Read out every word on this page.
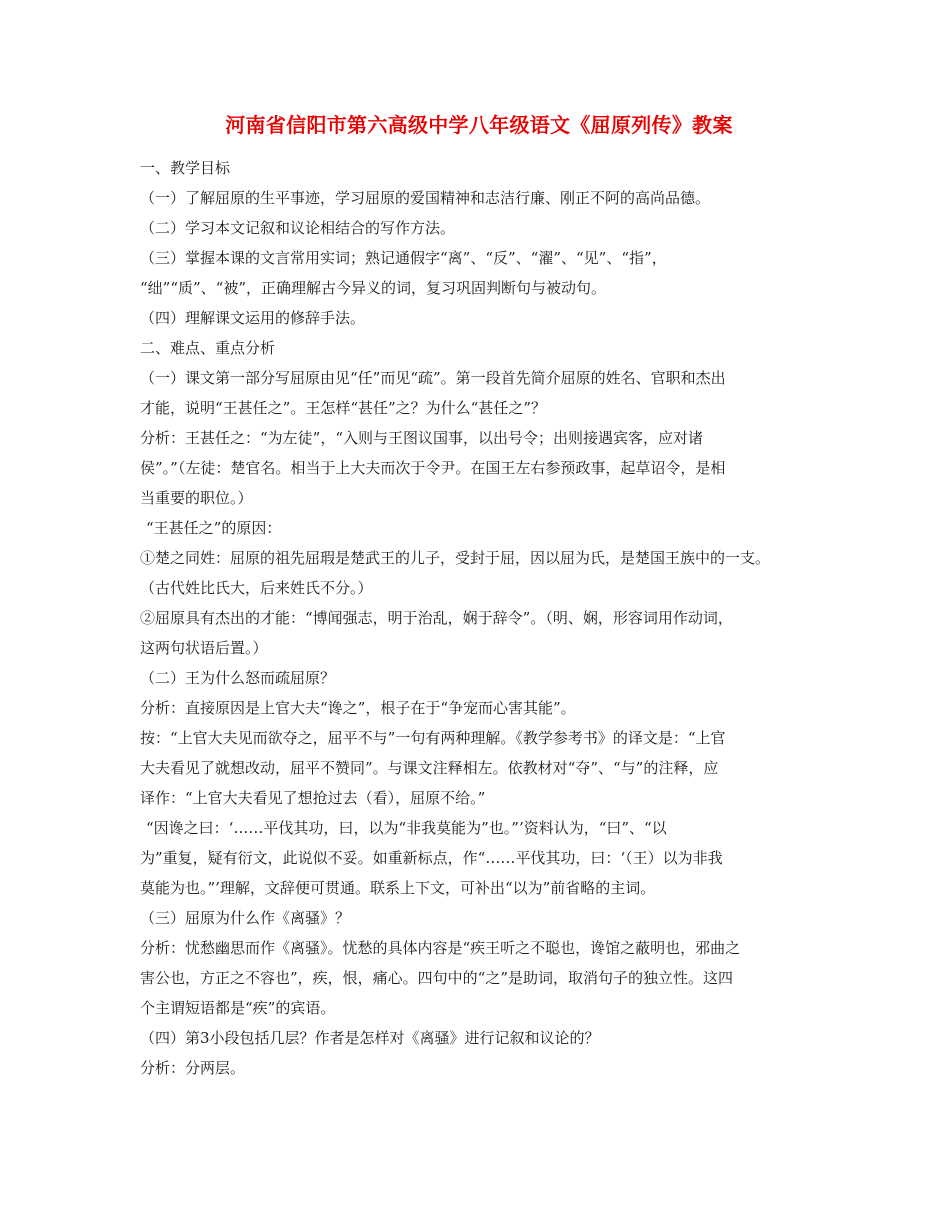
河南省信阳市第六高级中学八年级语文《屈原列传》教案
一、教学目标
（一）了解屈原的生平事迹，学习屈原的爱国精神和志洁行廉、刚正不阿的高尚品德。
（二）学习本文记叙和议论相结合的写作方法。
（三）掌握本课的文言常用实词；熟记通假字“离”、“反”、“濯”、“见”、“指”，
“绌”“质”、“被”，正确理解古今异义的词，复习巩固判断句与被动句。
（四）理解课文运用的修辞手法。
二、难点、重点分析
（一）课文第一部分写屈原由见“任”而见“疏”。第一段首先简介屈原的姓名、官职和杰出
才能，说明“王甚任之”。王怎样“甚任”之？为什么“甚任之”？
分析：王甚任之：“为左徒”，“入则与王图议国事，以出号令；出则接遇宾客，应对诸
侯”。”（左徒：楚官名。相当于上大夫而次于令尹。在国王左右参预政事，起草诏令，是相
当重要的职位。）
“王甚任之”的原因：
①楚之同姓：屈原的祖先屈瑕是楚武王的儿子，受封于屈，因以屈为氏，是楚国王族中的一支。
（古代姓比氏大，后来姓氏不分。）
②屈原具有杰出的才能：“博闻强志，明于治乱，娴于辞令”。（明、娴，形容词用作动词，
这两句状语后置。）
（二）王为什么怒而疏屈原？
分析：直接原因是上官大夫“谗之”，根子在于“争宠而心害其能”。
按：“上官大夫见而欲夺之，屈平不与”一句有两种理解。《教学参考书》的译文是：“上官
大夫看见了就想改动，屈平不赞同”。与课文注释相左。依教材对“夺”、“与”的注释，应
译作：“上官大夫看见了想抢过去（看），屈原不给。”
“因谗之曰：‘……平伐其功，曰，以为“非我莫能为”也。”’资料认为，“曰”、“以
为”重复，疑有衍文，此说似不妥。如重新标点，作“……平伐其功，曰：‘（王）以为非我
莫能为也。”’理解，文辞便可贯通。联系上下文，可补出“以为”前省略的主词。
（三）屈原为什么作《离骚》？
分析：忧愁幽思而作《离骚》。忧愁的具体内容是“疾王听之不聪也，谗馆之蔽明也，邪曲之
害公也，方正之不容也”，疾，恨，痛心。四句中的“之”是助词，取消句子的独立性。这四
个主谓短语都是“疾”的宾语。
（四）第3小段包括几层？作者是怎样对《离骚》进行记叙和议论的？
分析：分两层。
